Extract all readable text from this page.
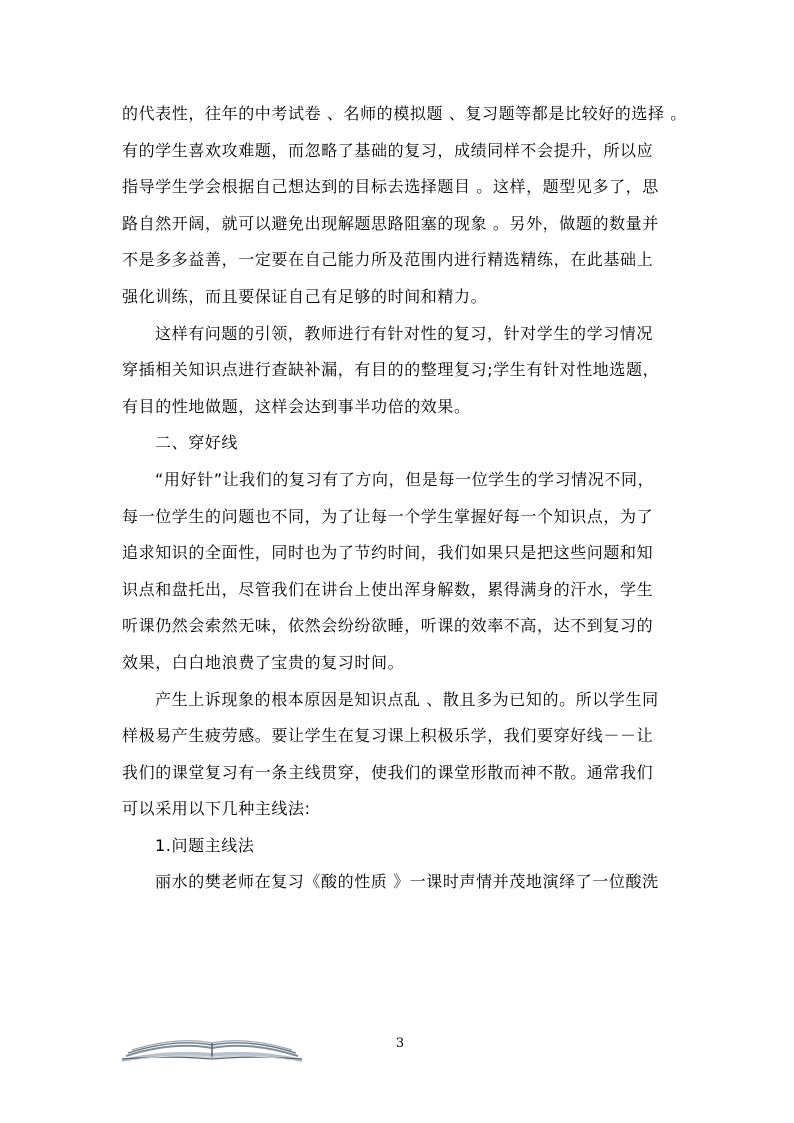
的代表性，往年的中考试卷 、名师的模拟题 、复习题等都是比较好的选择 。
有的学生喜欢攻难题，而忽略了基础的复习，成绩同样不会提升，所以应
指导学生学会根据自己想达到的目标去选择题目 。这样，题型见多了，思
路自然开阔，就可以避免出现解题思路阻塞的现象 。另外，做题的数量并
不是多多益善，一定要在自己能力所及范围内进行精选精练，在此基础上
强化训练，而且要保证自己有足够的时间和精力。
这样有问题的引领，教师进行有针对性的复习，针对学生的学习情况
穿插相关知识点进行查缺补漏，有目的的整理复习;学生有针对性地选题，
有目的性地做题，这样会达到事半功倍的效果。
二、穿好线
“用好针”让我们的复习有了方向，但是每一位学生的学习情况不同，
每一位学生的问题也不同，为了让每一个学生掌握好每一个知识点，为了
追求知识的全面性，同时也为了节约时间，我们如果只是把这些问题和知
识点和盘托出，尽管我们在讲台上使出浑身解数，累得满身的汗水，学生
听课仍然会索然无味，依然会纷纷欲睡，听课的效率不高，达不到复习的
效果，白白地浪费了宝贵的复习时间。
产生上诉现象的根本原因是知识点乱 、散且多为已知的。所以学生同
样极易产生疲劳感。要让学生在复习课上积极乐学，我们要穿好线－－让
我们的课堂复习有一条主线贯穿，使我们的课堂形散而神不散。通常我们
可以采用以下几种主线法:
1.问题主线法
丽水的樊老师在复习《酸的性质 》一课时声情并茂地演绎了一位酸洗
3
